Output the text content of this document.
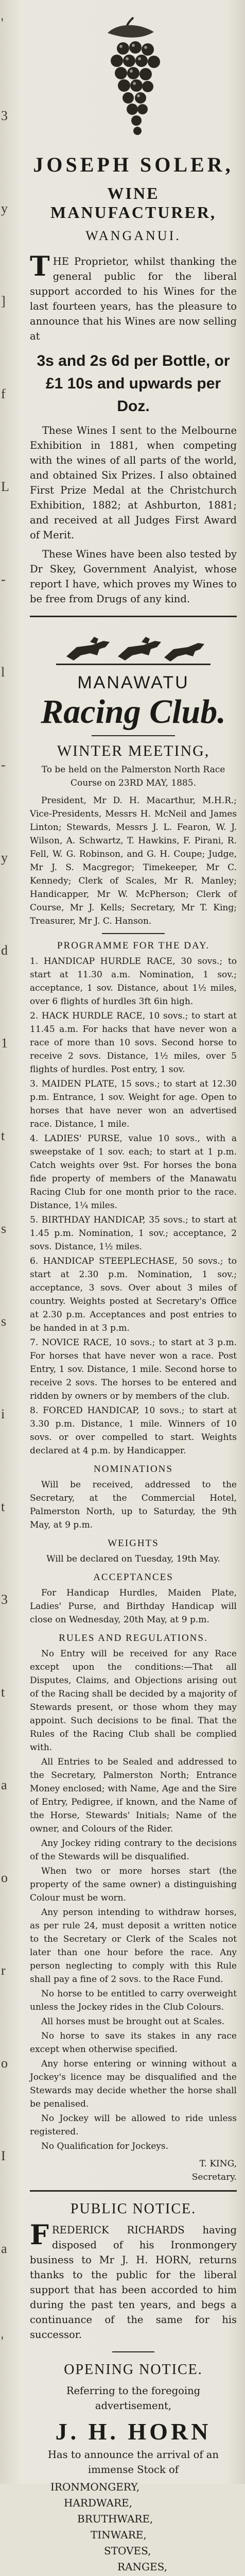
'
3
y
]
f
L
-
l
-
y
d
1
t
s
s
i
t
3
t
a
o
r
o
I
a
'
JOSEPH SOLER,
WINE MANUFACTURER,
WANGANUI.
THE Proprietor, whilst thanking the general public for the liberal support accorded to his Wines for the last fourteen years, has the pleasure to announce that his Wines are now selling at
3s and 2s 6d per Bottle, or
£1 10s and upwards per Doz.

These Wines I sent to the Melbourne Exhibition in 1881, when competing with the wines of all parts of the world, and obtained Six Prizes. I also obtained First Prize Medal at the Christchurch Exhibition, 1882; at Ashburton, 1881; and received at all Judges First Award of Merit.

These Wines have been also tested by Dr Skey, Government Analyist, whose report I have, which proves my Wines to be free from Drugs of any kind.

MANAWATU
Racing Club.
WINTER MEETING,

To be held on the Palmerston North Race Course on 23RD MAY, 1885.

President, Mr D. H. Macarthur, M.H.R.; Vice-Presidents, Messrs H. McNeil and James Linton; Stewards, Messrs J. L. Fearon, W. J. Wilson, A. Schwartz, T. Hawkins, F. Pirani, R. Fell, W. G. Robinson, and G. H. Coupe; Judge, Mr J. S. Macgregor; Timekeeper, Mr C. Kennedy; Clerk of Scales, Mr R. Manley; Handicapper, Mr W. McPherson; Clerk of Course, Mr J. Kells; Secretary, Mr T. King; Treasurer, Mr J. C. Hanson.

PROGRAMME FOR THE DAY.

1. HANDICAP HURDLE RACE, 30 sovs.; to start at 11.30 a.m. Nomination, 1 sov.; acceptance, 1 sov. Distance, about 1½ miles, over 6 flights of hurdles 3ft 6in high.

2. HACK HURDLE RACE, 10 sovs.; to start at 11.45 a.m. For hacks that have never won a race of more than 10 sovs. Second horse to receive 2 sovs. Distance, 1½ miles, over 5 flights of hurdles. Post entry, 1 sov.

3. MAIDEN PLATE, 15 sovs.; to start at 12.30 p.m. Entrance, 1 sov. Weight for age. Open to horses that have never won an advertised race. Distance, 1 mile.

4. LADIES' PURSE, value 10 sovs., with a sweepstake of 1 sov. each; to start at 1 p.m. Catch weights over 9st. For horses the bona fide property of members of the Manawatu Racing Club for one month prior to the race. Distance, 1¼ miles.

5. BIRTHDAY HANDICAP, 35 sovs.; to start at 1.45 p.m. Nomination, 1 sov.; acceptance, 2 sovs. Distance, 1½ miles.

6. HANDICAP STEEPLECHASE, 50 sovs.; to start at 2.30 p.m. Nomination, 1 sov.; acceptance, 3 sovs. Over about 3 miles of country. Weights posted at Secretary's Office at 2.30 p.m. Acceptances and post entries to be handed in at 3 p.m.

7. NOVICE RACE, 10 sovs.; to start at 3 p.m. For horses that have never won a race. Post Entry, 1 sov. Distance, 1 mile. Second horse to receive 2 sovs. The horses to be entered and ridden by owners or by members of the club.

8. FORCED HANDICAP, 10 sovs.; to start at 3.30 p.m. Distance, 1 mile. Winners of 10 sovs. or over compelled to start. Weights declared at 4 p.m. by Handicapper.

NOMINATIONS

Will be received, addressed to the Secretary, at the Commercial Hotel, Palmerston North, up to Saturday, the 9th May, at 9 p.m.

WEIGHTS

Will be declared on Tuesday, 19th May.

ACCEPTANCES

For Handicap Hurdles, Maiden Plate, Ladies' Purse, and Birthday Handicap will close on Wednesday, 20th May, at 9 p.m.

RULES AND REGULATIONS.

No Entry will be received for any Race except upon the conditions:—That all Disputes, Claims, and Objections arising out of the Racing shall be decided by a majority of Stewards present, or those whom they may appoint. Such decisions to be final. That the Rules of the Racing Club shall be complied with.

All Entries to be Sealed and addressed to the Secretary, Palmerston North; Entrance Money enclosed; with Name, Age and the Sire of Entry, Pedigree, if known, and the Name of the Horse, Stewards' Initials; Name of the owner, and Colours of the Rider.

Any Jockey riding contrary to the decisions of the Stewards will be disqualified.

When two or more horses start (the property of the same owner) a distinguishing Colour must be worn.

Any person intending to withdraw horses, as per rule 24, must deposit a written notice to the Secretary or Clerk of the Scales not later than one hour before the race. Any person neglecting to comply with this Rule shall pay a fine of 2 sovs. to the Race Fund.

No horse to be entitled to carry overweight unless the Jockey rides in the Club Colours.

All horses must be brought out at Scales.

No horse to save its stakes in any race except when otherwise specified.

Any horse entering or winning without a Jockey's licence may be disqualified and the Stewards may decide whether the horse shall be penalised.

No Jockey will be allowed to ride unless registered.

No Qualification for Jockeys.

T. KING,
Secretary.
PUBLIC NOTICE.
FREDERICK RICHARDS having disposed of his Ironmongery business to Mr J. H. HORN, returns thanks to the public for the liberal support that has been accorded to him during the past ten years, and begs a continuance of the same for his successor.
OPENING NOTICE.

Referring to the foregoing advertisement,

J. H. HORN

Has to announce the arrival of an immense Stock of

IRONMONGERY,
HARDWARE,
BRUTHWARE,
TINWARE,
STOVES,
RANGES,
